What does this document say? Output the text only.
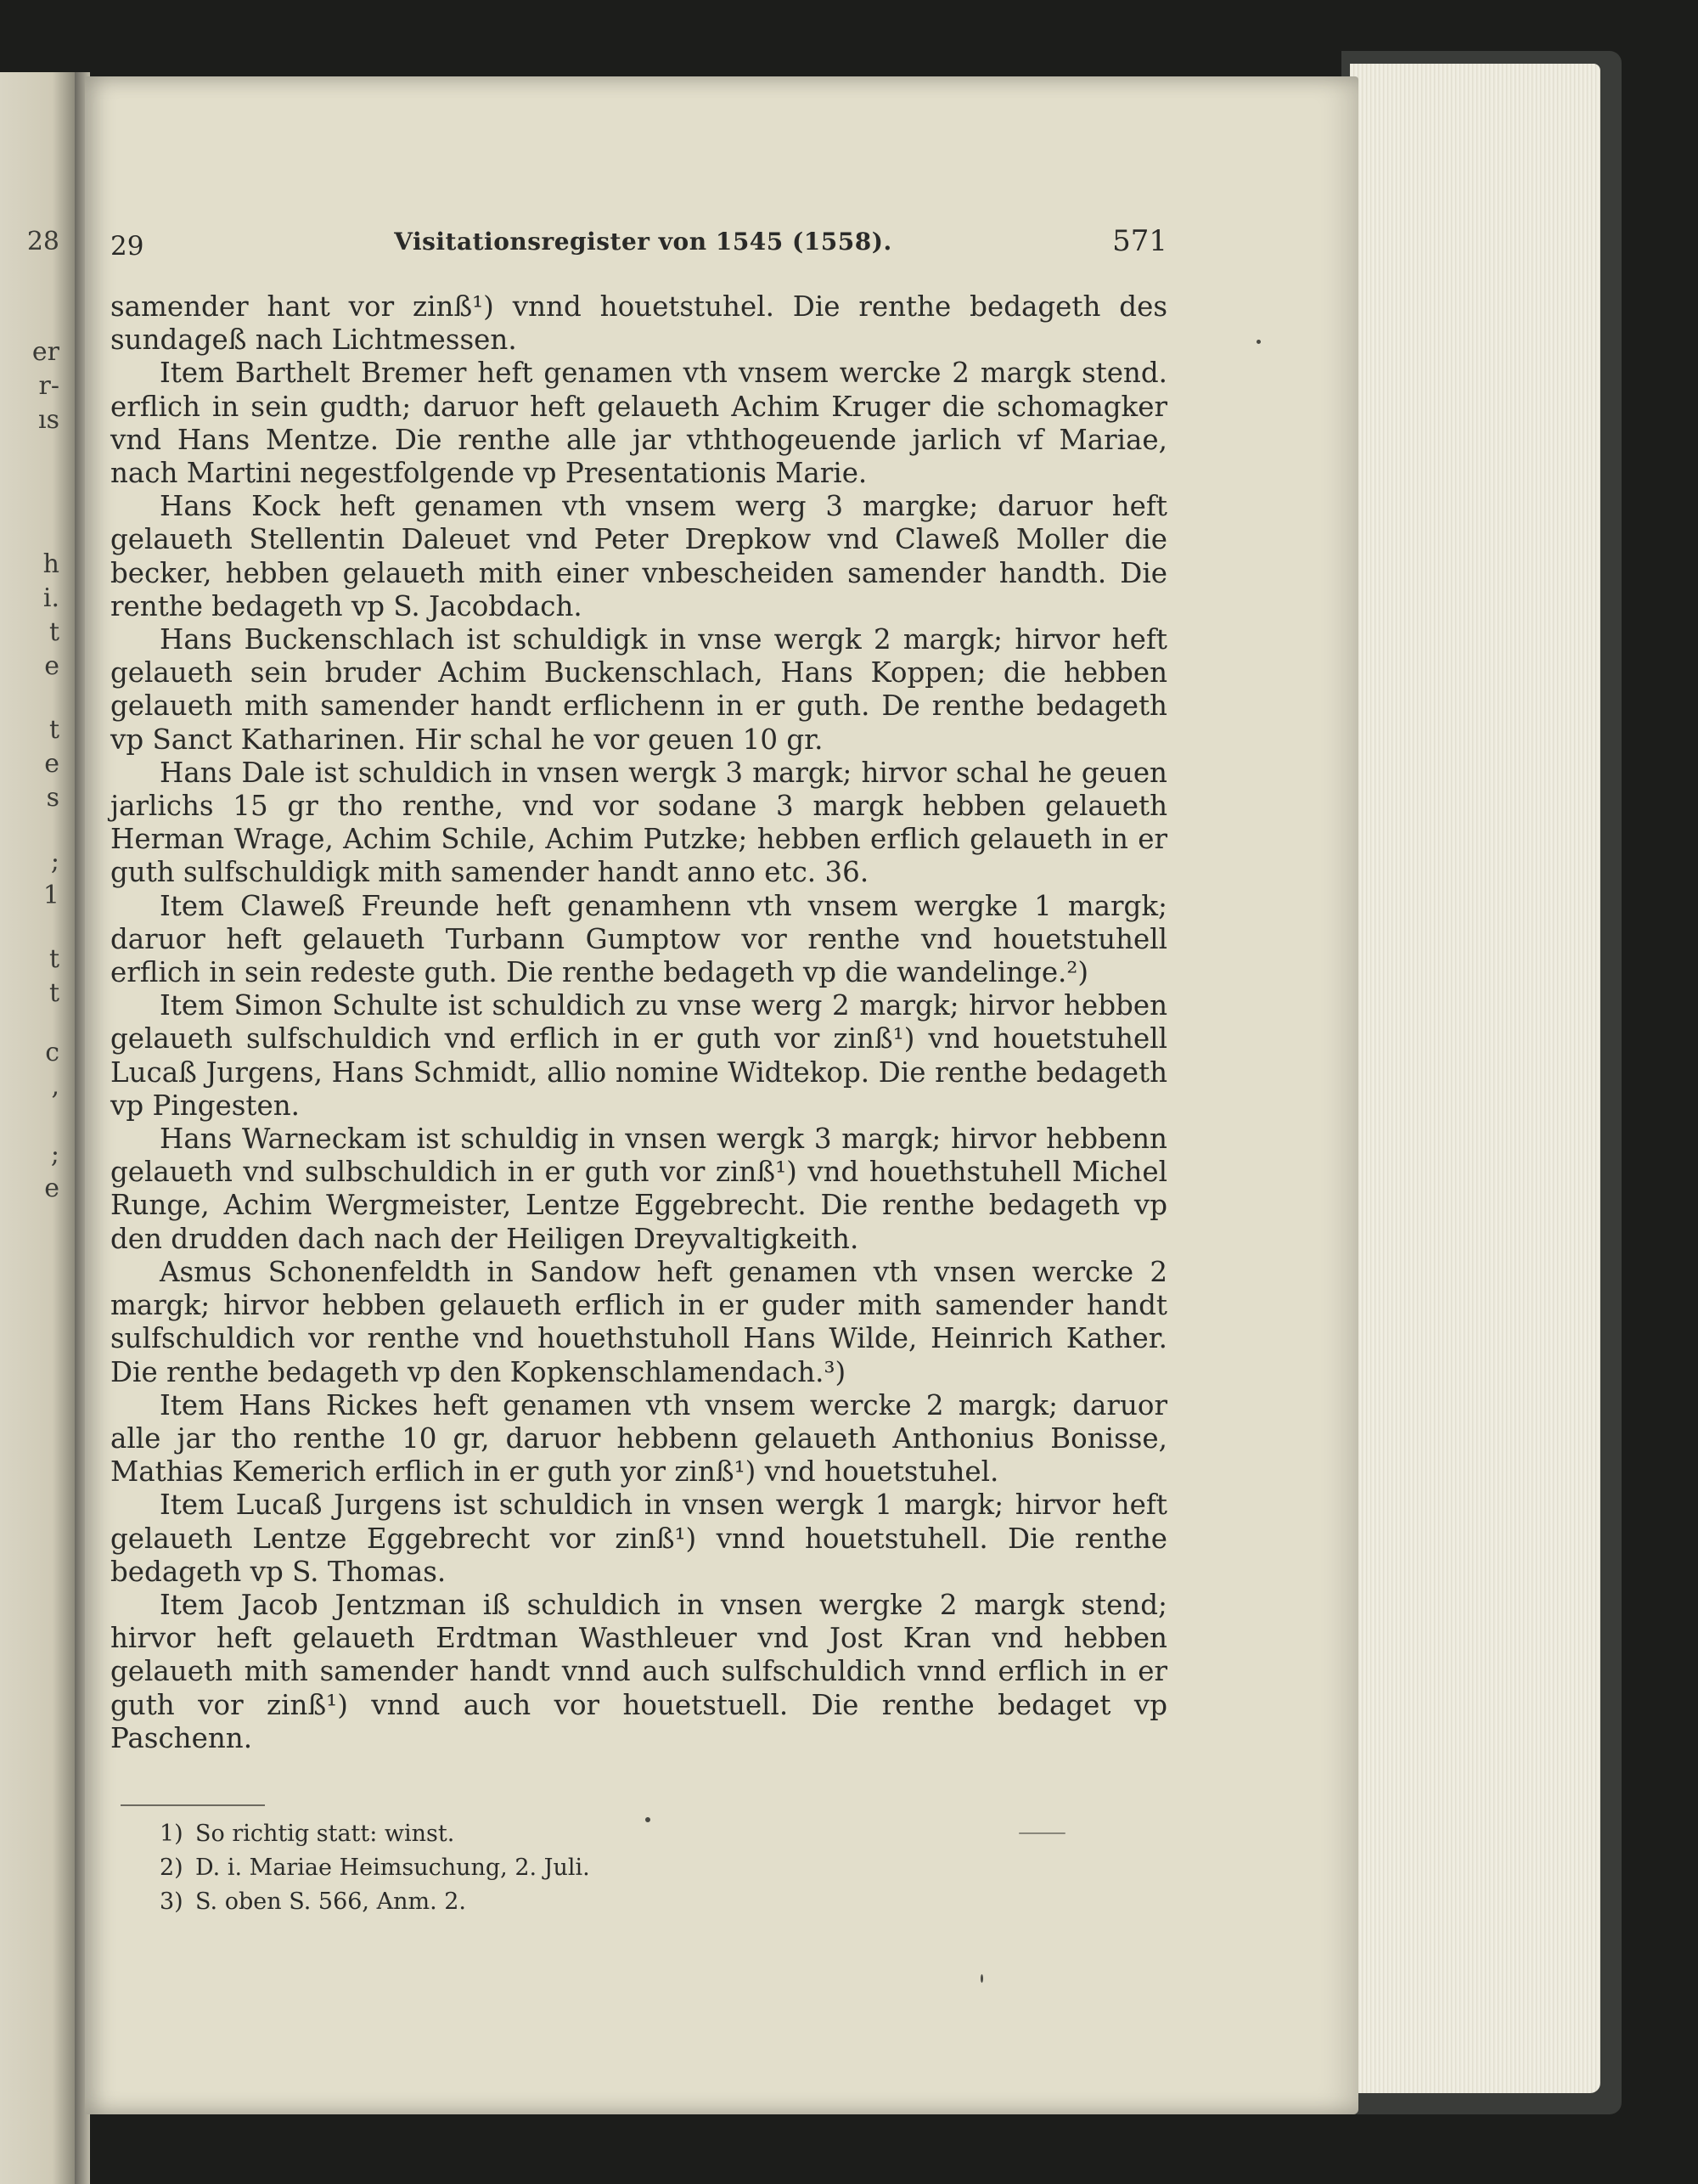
28
er
r-
ıs
h
i.
t
e
t
e
s
;
1
t
t
c
,
;
e
29	Visitationsregister von 1545 (1558).	571

samender hant vor zinß¹) vnnd houetstuhel. Die renthe bedageth des sundageß nach Lichtmessen.

Item Barthelt Bremer heft genamen vth vnsem wercke 2 margk stend. erflich in sein gudth; daruor heft gelaueth Achim Kruger die schomagker vnd Hans Mentze. Die renthe alle jar vththogeuende jarlich vf Mariae, nach Martini negestfolgende vp Presentationis Marie.

Hans Kock heft genamen vth vnsem werg 3 margke; daruor heft gelaueth Stellentin Daleuet vnd Peter Drepkow vnd Claweß Moller die becker, hebben gelaueth mith einer vnbescheiden samender handth. Die renthe bedageth vp S. Jacobdach.

Hans Buckenschlach ist schuldigk in vnse wergk 2 margk; hirvor heft gelaueth sein bruder Achim Buckenschlach, Hans Koppen; die hebben gelaueth mith samender handt erflichenn in er guth. De renthe bedageth vp Sanct Katharinen. Hir schal he vor geuen 10 gr.

Hans Dale ist schuldich in vnsen wergk 3 margk; hirvor schal he geuen jarlichs 15 gr tho renthe, vnd vor sodane 3 margk hebben gelaueth Herman Wrage, Achim Schile, Achim Putzke; hebben erflich gelaueth in er guth sulfschuldigk mith samender handt anno etc. 36.

Item Claweß Freunde heft genamhenn vth vnsem wergke 1 margk; daruor heft gelaueth Turbann Gumptow vor renthe vnd houetstuhell erflich in sein redeste guth. Die renthe bedageth vp die wandelinge.²)

Item Simon Schulte ist schuldich zu vnse werg 2 margk; hirvor hebben gelaueth sulfschuldich vnd erflich in er guth vor zinß¹) vnd houetstuhell Lucaß Jurgens, Hans Schmidt, allio nomine Widtekop. Die renthe bedageth vp Pingesten.

Hans Warneckam ist schuldig in vnsen wergk 3 margk; hirvor hebbenn gelaueth vnd sulbschuldich in er guth vor zinß¹) vnd houethstuhell Michel Runge, Achim Wergmeister, Lentze Eggebrecht. Die renthe bedageth vp den drudden dach nach der Heiligen Dreyvaltigkeith.

Asmus Schonenfeldth in Sandow heft genamen vth vnsen wercke 2 margk; hirvor hebben gelaueth erflich in er guder mith samender handt sulfschuldich vor renthe vnd houethstuholl Hans Wilde, Heinrich Kather. Die renthe bedageth vp den Kopkenschlamendach.³)

Item Hans Rickes heft genamen vth vnsem wercke 2 margk; daruor alle jar tho renthe 10 gr, daruor hebbenn gelaueth Anthonius Bonisse, Mathias Kemerich erflich in er guth yor zinß¹) vnd houetstuhel.

Item Lucaß Jurgens ist schuldich in vnsen wergk 1 margk; hirvor heft gelaueth Lentze Eggebrecht vor zinß¹) vnnd houetstuhell. Die renthe bedageth vp S. Thomas.

Item Jacob Jentzman iß schuldich in vnsen wergke 2 margk stend; hirvor heft gelaueth Erdtman Wasthleuer vnd Jost Kran vnd hebben gelaueth mith samender handt vnnd auch sulfschuldich vnnd erflich in er guth vor zinß¹) vnnd auch vor houetstuell. Die renthe bedaget vp Paschenn.

1) So richtig statt: winst.
2) D. i. Mariae Heimsuchung, 2. Juli.
3) S. oben S. 566, Anm. 2.
